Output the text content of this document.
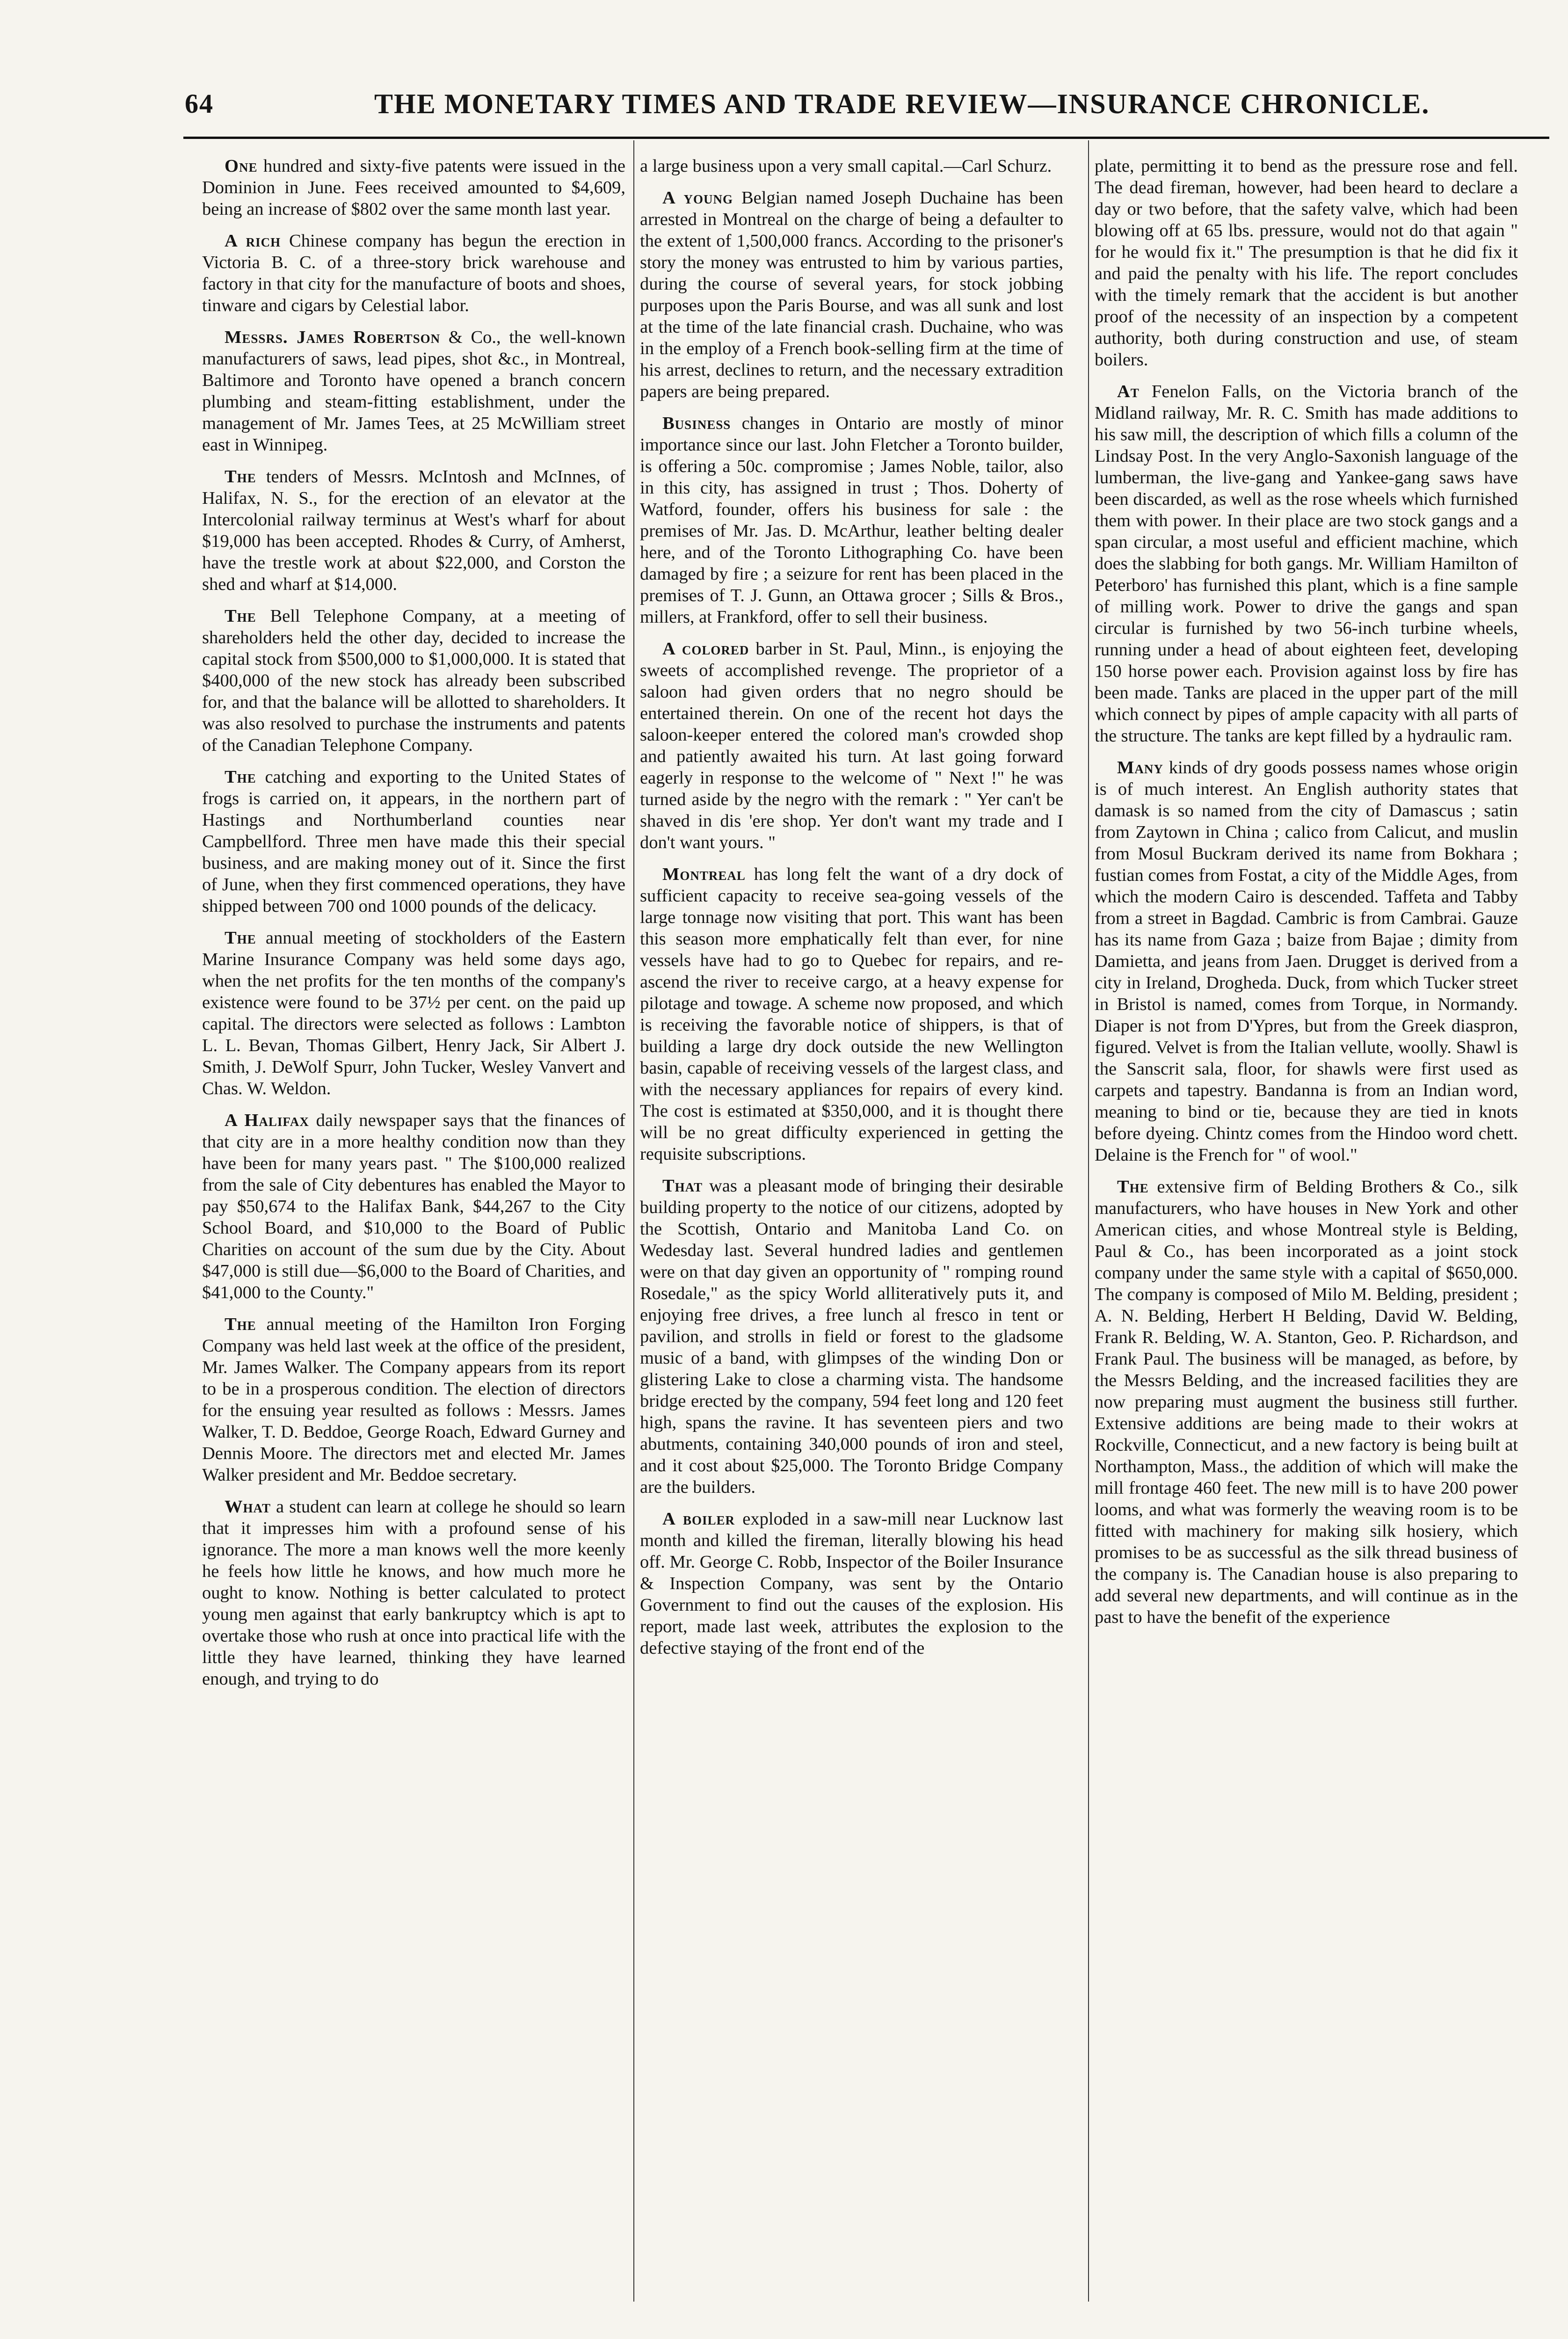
64	THE MONETARY TIMES AND TRADE REVIEW—INSURANCE CHRONICLE.

One hundred and sixty-five patents were issued in the Dominion in June. Fees received amounted to $4,609, being an increase of $802 over the same month last year.

A rich Chinese company has begun the erection in Victoria B. C. of a three-story brick warehouse and factory in that city for the manufacture of boots and shoes, tinware and cigars by Celestial labor.

Messrs. James Robertson & Co., the well-known manufacturers of saws, lead pipes, shot &c., in Montreal, Baltimore and Toronto have opened a branch concern plumbing and steam-fitting establishment, under the management of Mr. James Tees, at 25 McWilliam street east in Winnipeg.

The tenders of Messrs. McIntosh and McInnes, of Halifax, N. S., for the erection of an elevator at the Intercolonial railway terminus at West's wharf for about $19,000 has been accepted. Rhodes & Curry, of Amherst, have the trestle work at about $22,000, and Corston the shed and wharf at $14,000.

The Bell Telephone Company, at a meeting of shareholders held the other day, decided to increase the capital stock from $500,000 to $1,000,000. It is stated that $400,000 of the new stock has already been subscribed for, and that the balance will be allotted to shareholders. It was also resolved to purchase the instruments and patents of the Canadian Telephone Company.

The catching and exporting to the United States of frogs is carried on, it appears, in the northern part of Hastings and Northumberland counties near Campbellford. Three men have made this their special business, and are making money out of it. Since the first of June, when they first commenced operations, they have shipped between 700 ond 1000 pounds of the delicacy.

The annual meeting of stockholders of the Eastern Marine Insurance Company was held some days ago, when the net profits for the ten months of the company's existence were found to be 37½ per cent. on the paid up capital. The directors were selected as follows : Lambton L. L. Bevan, Thomas Gilbert, Henry Jack, Sir Albert J. Smith, J. DeWolf Spurr, John Tucker, Wesley Vanvert and Chas. W. Weldon.

A Halifax daily newspaper says that the finances of that city are in a more healthy condition now than they have been for many years past. " The $100,000 realized from the sale of City debentures has enabled the Mayor to pay $50,674 to the Halifax Bank, $44,267 to the City School Board, and $10,000 to the Board of Public Charities on account of the sum due by the City. About $47,000 is still due—$6,000 to the Board of Charities, and $41,000 to the County."

The annual meeting of the Hamilton Iron Forging Company was held last week at the office of the president, Mr. James Walker. The Company appears from its report to be in a prosperous condition. The election of directors for the ensuing year resulted as follows : Messrs. James Walker, T. D. Beddoe, George Roach, Edward Gurney and Dennis Moore. The directors met and elected Mr. James Walker president and Mr. Beddoe secretary.

What a student can learn at college he should so learn that it impresses him with a profound sense of his ignorance. The more a man knows well the more keenly he feels how little he knows, and how much more he ought to know. Nothing is better calculated to protect young men against that early bankruptcy which is apt to overtake those who rush at once into practical life with the little they have learned, thinking they have learned enough, and trying to do

a large business upon a very small capital.—Carl Schurz.

A young Belgian named Joseph Duchaine has been arrested in Montreal on the charge of being a defaulter to the extent of 1,500,000 francs. According to the prisoner's story the money was entrusted to him by various parties, during the course of several years, for stock jobbing purposes upon the Paris Bourse, and was all sunk and lost at the time of the late financial crash. Duchaine, who was in the employ of a French book-selling firm at the time of his arrest, declines to return, and the necessary extradition papers are being prepared.

Business changes in Ontario are mostly of minor importance since our last. John Fletcher a Toronto builder, is offering a 50c. compromise ; James Noble, tailor, also in this city, has assigned in trust ; Thos. Doherty of Watford, founder, offers his business for sale : the premises of Mr. Jas. D. McArthur, leather belting dealer here, and of the Toronto Lithographing Co. have been damaged by fire ; a seizure for rent has been placed in the premises of T. J. Gunn, an Ottawa grocer ; Sills & Bros., millers, at Frankford, offer to sell their business.

A colored barber in St. Paul, Minn., is enjoying the sweets of accomplished revenge. The proprietor of a saloon had given orders that no negro should be entertained therein. On one of the recent hot days the saloon-keeper entered the colored man's crowded shop and patiently awaited his turn. At last going forward eagerly in response to the welcome of " Next !" he was turned aside by the negro with the remark : " Yer can't be shaved in dis 'ere shop. Yer don't want my trade and I don't want yours. "

Montreal has long felt the want of a dry dock of sufficient capacity to receive sea-going vessels of the large tonnage now visiting that port. This want has been this season more emphatically felt than ever, for nine vessels have had to go to Quebec for repairs, and re-ascend the river to receive cargo, at a heavy expense for pilotage and towage. A scheme now proposed, and which is receiving the favorable notice of shippers, is that of building a large dry dock outside the new Wellington basin, capable of receiving vessels of the largest class, and with the necessary appliances for repairs of every kind. The cost is estimated at $350,000, and it is thought there will be no great difficulty experienced in getting the requisite subscriptions.

That was a pleasant mode of bringing their desirable building property to the notice of our citizens, adopted by the Scottish, Ontario and Manitoba Land Co. on Wedesday last. Several hundred ladies and gentlemen were on that day given an opportunity of " romping round Rosedale," as the spicy World alliteratively puts it, and enjoying free drives, a free lunch al fresco in tent or pavilion, and strolls in field or forest to the gladsome music of a band, with glimpses of the winding Don or glistering Lake to close a charming vista. The handsome bridge erected by the company, 594 feet long and 120 feet high, spans the ravine. It has seventeen piers and two abutments, containing 340,000 pounds of iron and steel, and it cost about $25,000. The Toronto Bridge Company are the builders.

A boiler exploded in a saw-mill near Lucknow last month and killed the fireman, literally blowing his head off. Mr. George C. Robb, Inspector of the Boiler Insurance & Inspection Company, was sent by the Ontario Government to find out the causes of the explosion. His report, made last week, attributes the explosion to the defective staying of the front end of the

plate, permitting it to bend as the pressure rose and fell. The dead fireman, however, had been heard to declare a day or two before, that the safety valve, which had been blowing off at 65 lbs. pressure, would not do that again " for he would fix it." The presumption is that he did fix it and paid the penalty with his life. The report concludes with the timely remark that the accident is but another proof of the necessity of an inspection by a competent authority, both during construction and use, of steam boilers.

At Fenelon Falls, on the Victoria branch of the Midland railway, Mr. R. C. Smith has made additions to his saw mill, the description of which fills a column of the Lindsay Post. In the very Anglo-Saxonish language of the lumberman, the live-gang and Yankee-gang saws have been discarded, as well as the rose wheels which furnished them with power. In their place are two stock gangs and a span circular, a most useful and efficient machine, which does the slabbing for both gangs. Mr. William Hamilton of Peterboro' has furnished this plant, which is a fine sample of milling work. Power to drive the gangs and span circular is furnished by two 56-inch turbine wheels, running under a head of about eighteen feet, developing 150 horse power each. Provision against loss by fire has been made. Tanks are placed in the upper part of the mill which connect by pipes of ample capacity with all parts of the structure. The tanks are kept filled by a hydraulic ram.

Many kinds of dry goods possess names whose origin is of much interest. An English authority states that damask is so named from the city of Damascus ; satin from Zaytown in China ; calico from Calicut, and muslin from Mosul Buckram derived its name from Bokhara ; fustian comes from Fostat, a city of the Middle Ages, from which the modern Cairo is descended. Taffeta and Tabby from a street in Bagdad. Cambric is from Cambrai. Gauze has its name from Gaza ; baize from Bajae ; dimity from Damietta, and jeans from Jaen. Drugget is derived from a city in Ireland, Drogheda. Duck, from which Tucker street in Bristol is named, comes from Torque, in Normandy. Diaper is not from D'Ypres, but from the Greek diaspron, figured. Velvet is from the Italian vellute, woolly. Shawl is the Sanscrit sala, floor, for shawls were first used as carpets and tapestry. Bandanna is from an Indian word, meaning to bind or tie, because they are tied in knots before dyeing. Chintz comes from the Hindoo word chett. Delaine is the French for " of wool."

The extensive firm of Belding Brothers & Co., silk manufacturers, who have houses in New York and other American cities, and whose Montreal style is Belding, Paul & Co., has been incorporated as a joint stock company under the same style with a capital of $650,000. The company is composed of Milo M. Belding, president ; A. N. Belding, Herbert H Belding, David W. Belding, Frank R. Belding, W. A. Stanton, Geo. P. Richardson, and Frank Paul. The business will be managed, as before, by the Messrs Belding, and the increased facilities they are now preparing must augment the business still further. Extensive additions are being made to their wokrs at Rockville, Connecticut, and a new factory is being built at Northampton, Mass., the addition of which will make the mill frontage 460 feet. The new mill is to have 200 power looms, and what was formerly the weaving room is to be fitted with machinery for making silk hosiery, which promises to be as successful as the silk thread business of the company is. The Canadian house is also preparing to add several new departments, and will continue as in the past to have the benefit of the experience
